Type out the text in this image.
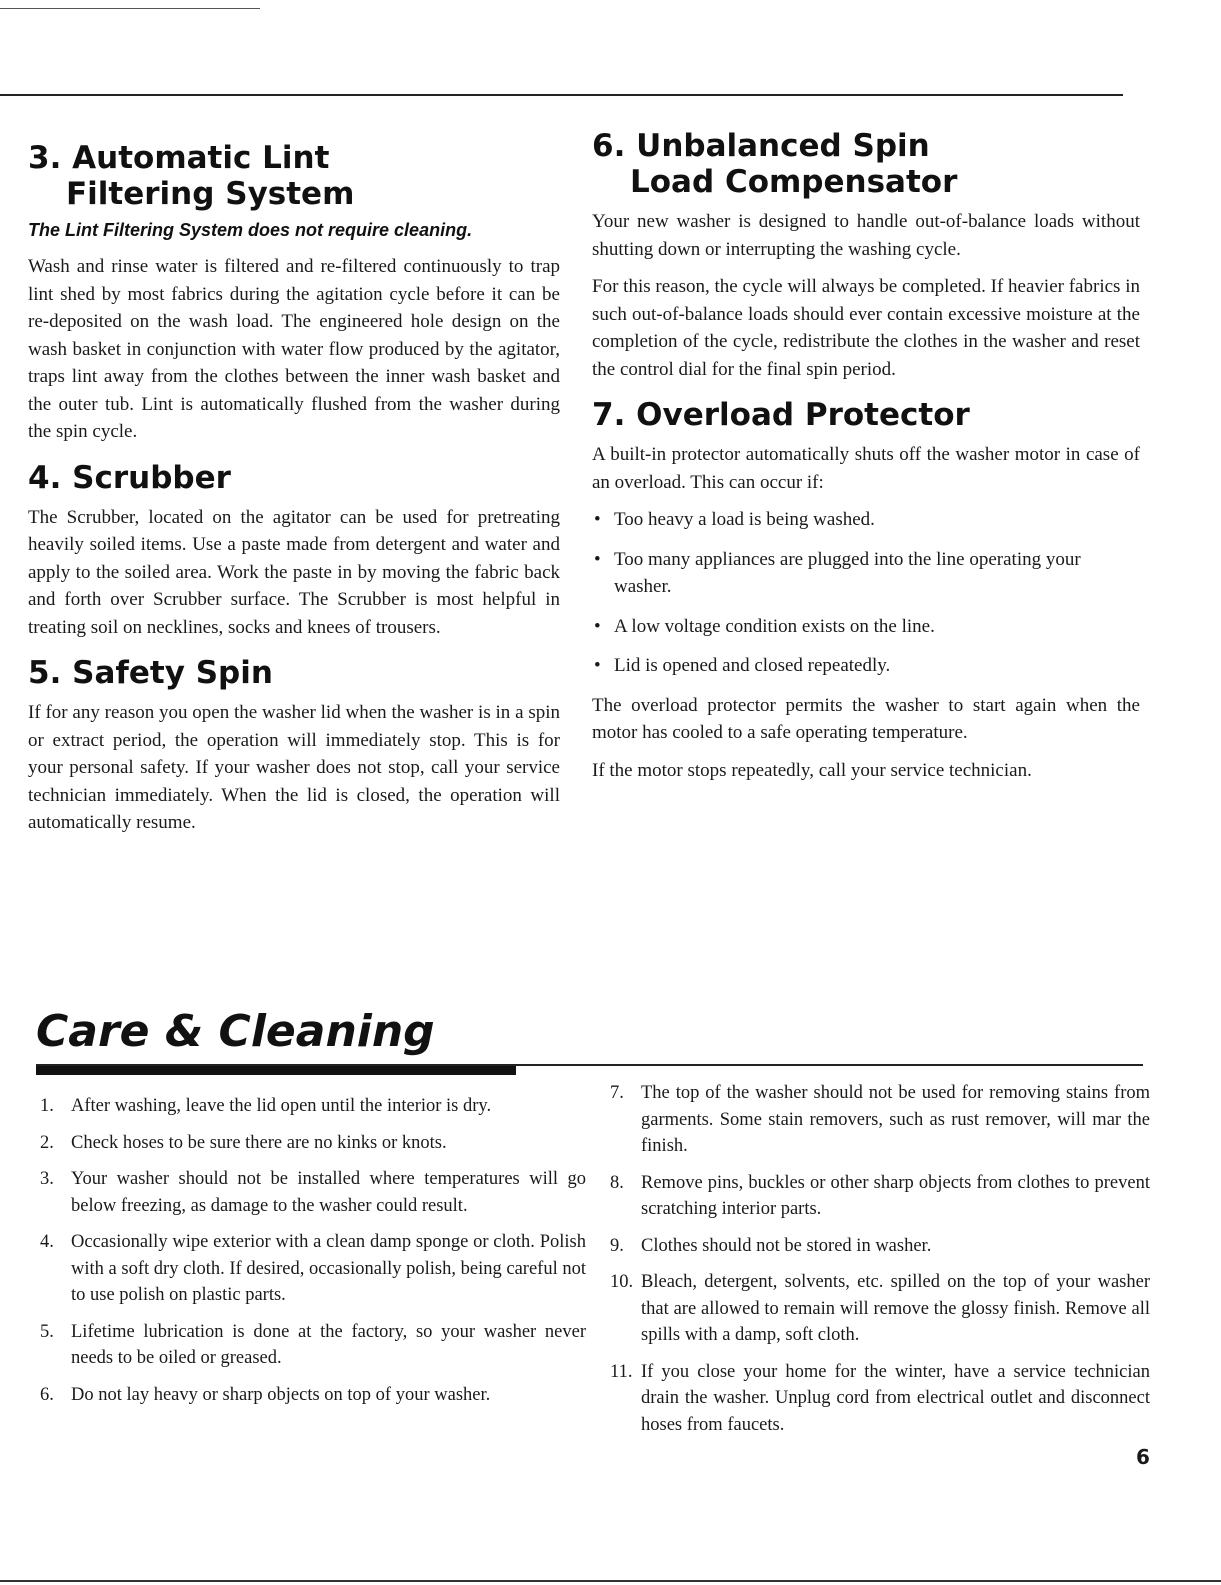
3. Automatic Lint
Filtering System
The Lint Filtering System does not require cleaning.

Wash and rinse water is filtered and re-filtered continuously to trap lint shed by most fabrics during the agitation cycle before it can be re-deposited on the wash load. The engineered hole design on the wash basket in conjunction with water flow produced by the agitator, traps lint away from the clothes between the inner wash basket and the outer tub. Lint is automatically flushed from the washer during the spin cycle.

4. Scrubber

The Scrubber, located on the agitator can be used for pretreating heavily soiled items. Use a paste made from detergent and water and apply to the soiled area. Work the paste in by moving the fabric back and forth over Scrubber surface. The Scrubber is most helpful in treating soil on necklines, socks and knees of trousers.

5. Safety Spin

If for any reason you open the washer lid when the washer is in a spin or extract period, the operation will immediately stop. This is for your personal safety. If your washer does not stop, call your service technician immediately. When the lid is closed, the operation will automatically resume.

6. Unbalanced Spin
Load Compensator

Your new washer is designed to handle out-of-balance loads without shutting down or interrupting the washing cycle.

For this reason, the cycle will always be completed. If heavier fabrics in such out-of-balance loads should ever contain excessive moisture at the completion of the cycle, redistribute the clothes in the washer and reset the control dial for the final spin period.

7. Overload Protector

A built-in protector automatically shuts off the washer motor in case of an overload. This can occur if:

• Too heavy a load is being washed.
• Too many appliances are plugged into the line operating your washer.
• A low voltage condition exists on the line.
• Lid is opened and closed repeatedly.

The overload protector permits the washer to start again when the motor has cooled to a safe operating temperature.

If the motor stops repeatedly, call your service technician.

Care & Cleaning
1. After washing, leave the lid open until the interior is dry.
2. Check hoses to be sure there are no kinks or knots.
3. Your washer should not be installed where temperatures will go below freezing, as damage to the washer could result.
4. Occasionally wipe exterior with a clean damp sponge or cloth. Polish with a soft dry cloth. If desired, occasionally polish, being careful not to use polish on plastic parts.
5. Lifetime lubrication is done at the factory, so your washer never needs to be oiled or greased.
6. Do not lay heavy or sharp objects on top of your washer.
7. The top of the washer should not be used for removing stains from garments. Some stain removers, such as rust remover, will mar the finish.
8. Remove pins, buckles or other sharp objects from clothes to prevent scratching interior parts.
9. Clothes should not be stored in washer.
10. Bleach, detergent, solvents, etc. spilled on the top of your washer that are allowed to remain will remove the glossy finish. Remove all spills with a damp, soft cloth.
11. If you close your home for the winter, have a service technician drain the washer. Unplug cord from electrical outlet and disconnect hoses from faucets.
6
